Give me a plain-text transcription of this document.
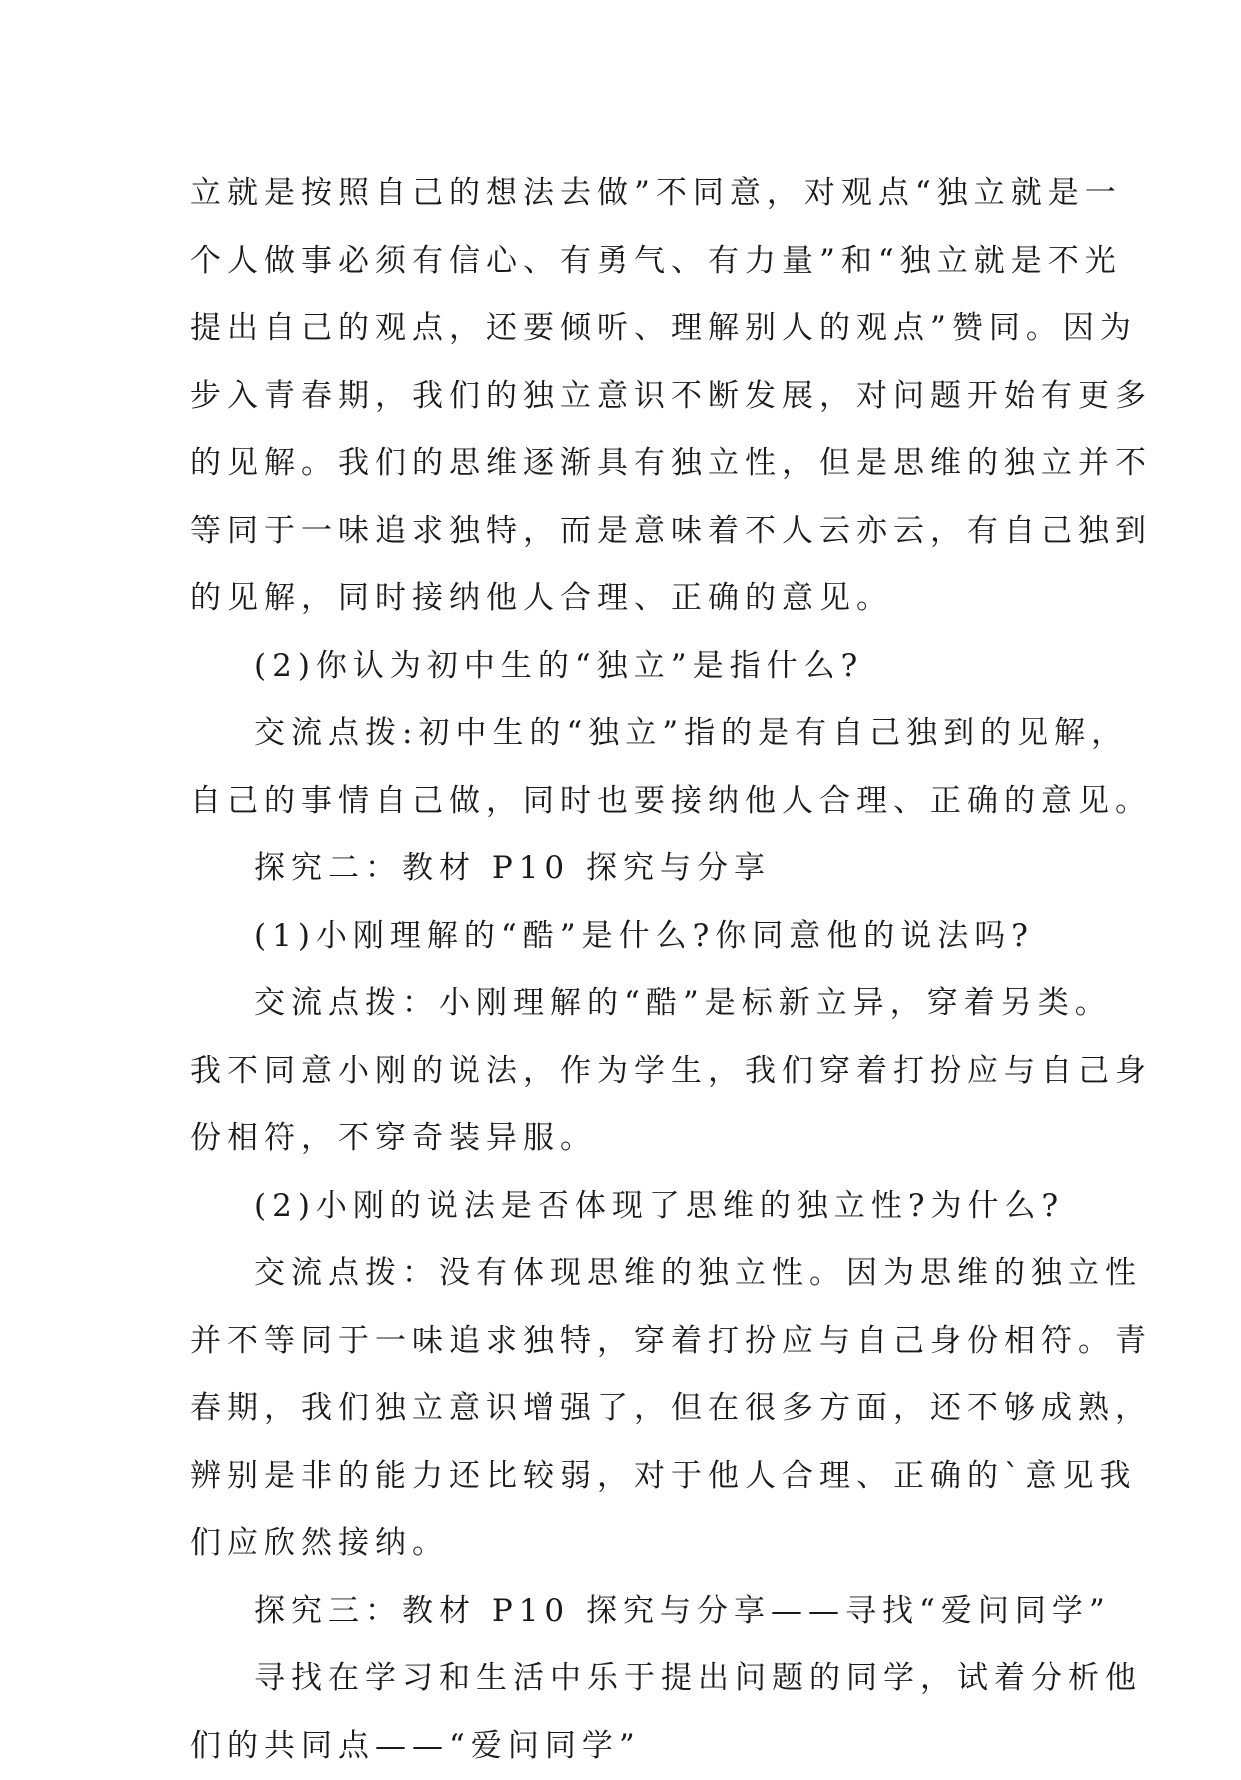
立就是按照自己的想法去做”不同意，对观点“独立就是一
个人做事必须有信心、有勇气、有力量”和“独立就是不光
提出自己的观点，还要倾听、理解别人的观点”赞同。因为
步入青春期，我们的独立意识不断发展，对问题开始有更多
的见解。我们的思维逐渐具有独立性，但是思维的独立并不
等同于一味追求独特，而是意味着不人云亦云，有自己独到
的见解，同时接纳他人合理、正确的意见。
(2)你认为初中生的“独立”是指什么?
交流点拨:初中生的“独立”指的是有自己独到的见解，
自己的事情自己做，同时也要接纳他人合理、正确的意见。
探究二：教材 P10 探究与分享
(1)小刚理解的“酷”是什么?你同意他的说法吗?
交流点拨：小刚理解的“酷”是标新立异，穿着另类。
我不同意小刚的说法，作为学生，我们穿着打扮应与自己身
份相符，不穿奇装异服。
(2)小刚的说法是否体现了思维的独立性?为什么?
交流点拨：没有体现思维的独立性。因为思维的独立性
并不等同于一味追求独特，穿着打扮应与自己身份相符。青
春期，我们独立意识增强了，但在很多方面，还不够成熟，
辨别是非的能力还比较弱，对于他人合理、正确的`意见我
们应欣然接纳。
探究三：教材 P10 探究与分享——寻找“爱问同学”
寻找在学习和生活中乐于提出问题的同学，试着分析他
们的共同点——“爱问同学”
